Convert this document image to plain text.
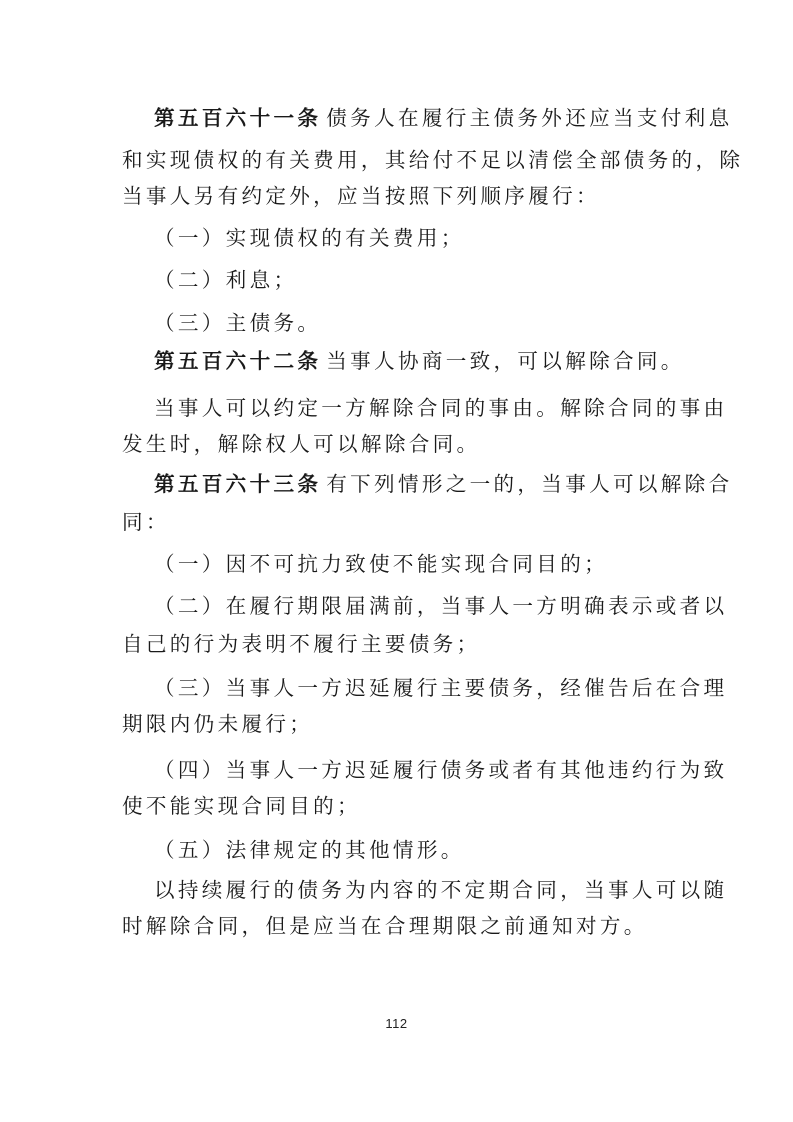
第五百六十一条 债务人在履行主债务外还应当支付利息
和实现债权的有关费用，其给付不足以清偿全部债务的，除
当事人另有约定外，应当按照下列顺序履行：
（一）实现债权的有关费用；
（二）利息；
（三）主债务。
第五百六十二条 当事人协商一致，可以解除合同。
当事人可以约定一方解除合同的事由。解除合同的事由
发生时，解除权人可以解除合同。
第五百六十三条 有下列情形之一的，当事人可以解除合
同：
（一）因不可抗力致使不能实现合同目的；
（二）在履行期限届满前，当事人一方明确表示或者以
自己的行为表明不履行主要债务；
（三）当事人一方迟延履行主要债务，经催告后在合理
期限内仍未履行；
（四）当事人一方迟延履行债务或者有其他违约行为致
使不能实现合同目的；
（五）法律规定的其他情形。
以持续履行的债务为内容的不定期合同，当事人可以随
时解除合同，但是应当在合理期限之前通知对方。
112
